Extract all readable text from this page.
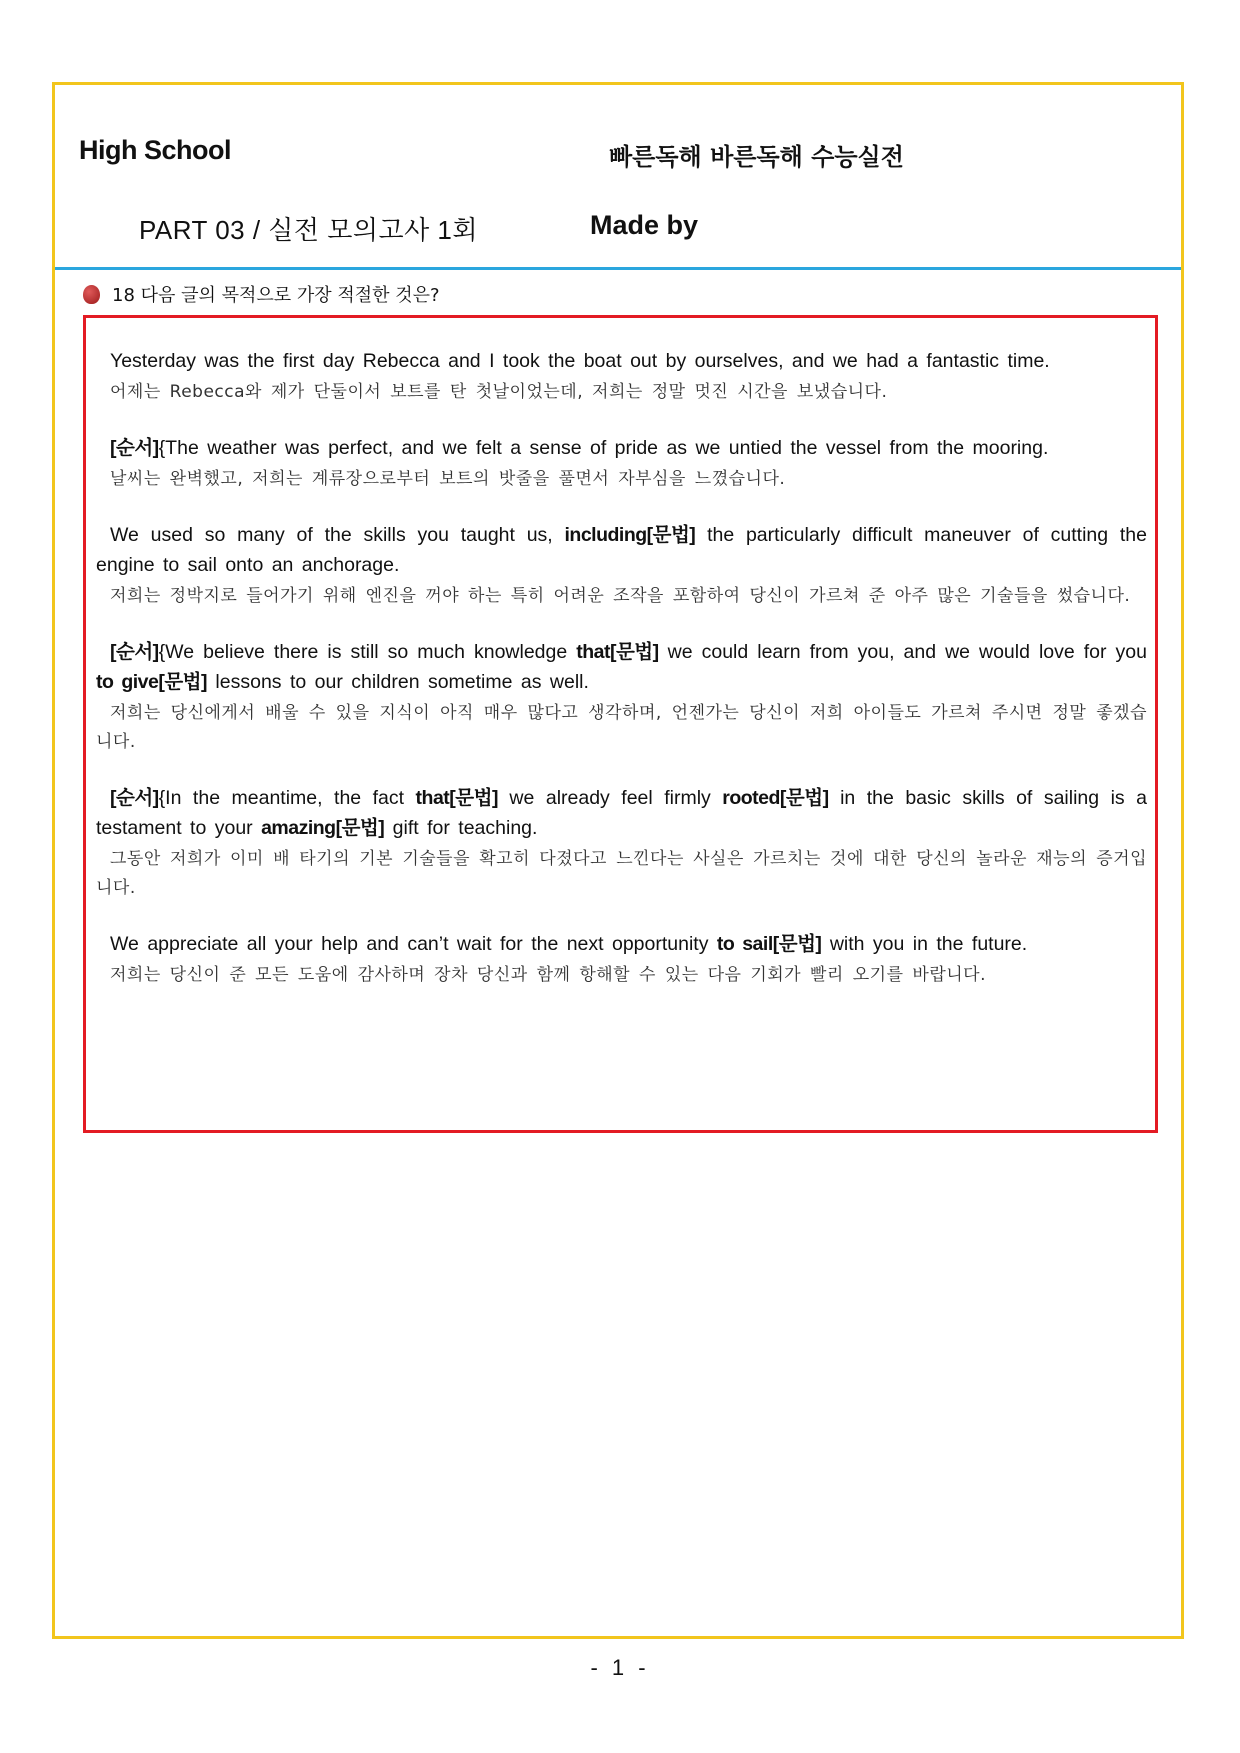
High School	빠른독해 바른독해 수능실전
PART 03 / 실전 모의고사 1회	Made by
18 다음 글의 목적으로 가장 적절한 것은?

Yesterday was the first day Rebecca and I took the boat out by ourselves, and we had a fantastic time.

어제는 Rebecca와 제가 단둘이서 보트를 탄 첫날이었는데, 저희는 정말 멋진 시간을 보냈습니다.

[순서]{The weather was perfect, and we felt a sense of pride as we untied the vessel from the mooring.

날씨는 완벽했고, 저희는 계류장으로부터 보트의 밧줄을 풀면서 자부심을 느꼈습니다.

We used so many of the skills you taught us, including[문법] the particularly difficult maneuver of cutting the engine to sail onto an anchorage.

저희는 정박지로 들어가기 위해 엔진을 꺼야 하는 특히 어려운 조작을 포함하여 당신이 가르쳐 준 아주 많은 기술들을 썼습니다.

[순서]{We believe there is still so much knowledge that[문법] we could learn from you, and we would love for you to give[문법] lessons to our children sometime as well.

저희는 당신에게서 배울 수 있을 지식이 아직 매우 많다고 생각하며, 언젠가는 당신이 저희 아이들도 가르쳐 주시면 정말 좋겠습니다.

[순서]{In the meantime, the fact that[문법] we already feel firmly rooted[문법] in the basic skills of sailing is a testament to your amazing[문법] gift for teaching.

그동안 저희가 이미 배 타기의 기본 기술들을 확고히 다졌다고 느낀다는 사실은 가르치는 것에 대한 당신의 놀라운 재능의 증거입니다.

We appreciate all your help and can’t wait for the next opportunity to sail[문법] with you in the future.

저희는 당신이 준 모든 도움에 감사하며 장차 당신과 함께 항해할 수 있는 다음 기회가 빨리 오기를 바랍니다.

- 1 -
